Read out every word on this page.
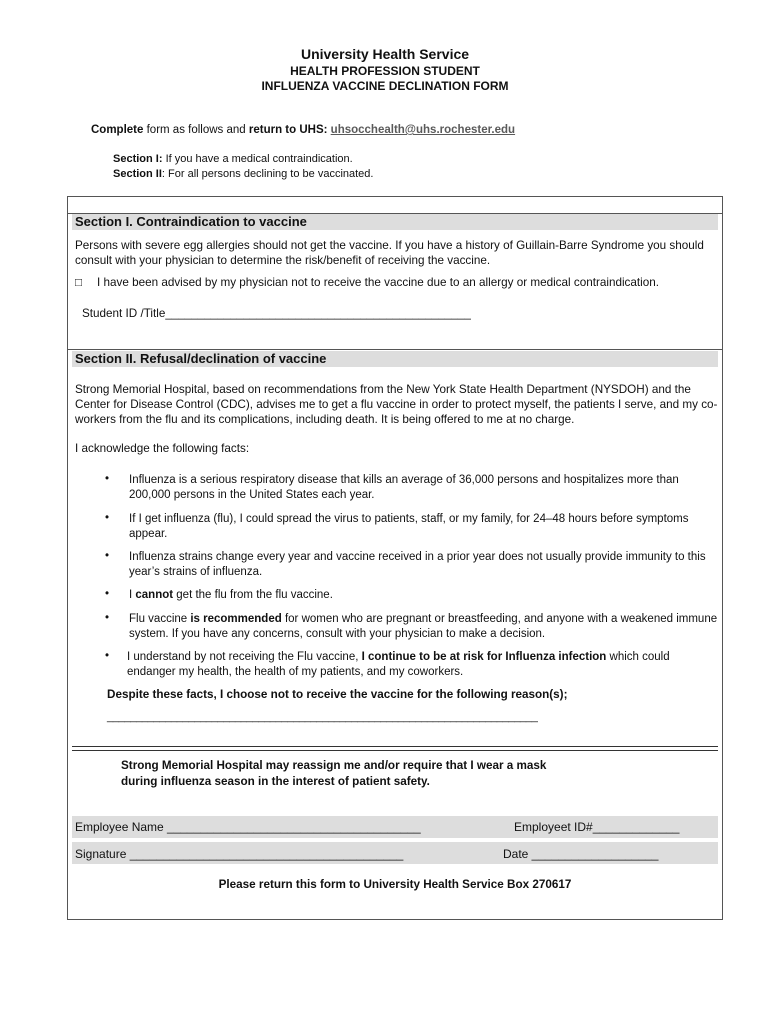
University Health Service
HEALTH PROFESSION STUDENT
INFLUENZA VACCINE DECLINATION FORM
Complete form as follows and return to UHS: uhsocchealth@uhs.rochester.edu
Section I: If you have a medical contraindication.
Section II: For all persons declining to be vaccinated.
Section I. Contraindication to vaccine
Persons with severe egg allergies should not get the vaccine. If you have a history of Guillain-Barre Syndrome you should consult with your physician to determine the risk/benefit of receiving the vaccine.
□ I have been advised by my physician not to receive the vaccine due to an allergy or medical contraindication.
Student ID /Title_______________________________________________
Section II. Refusal/declination of vaccine
Strong Memorial Hospital, based on recommendations from the New York State Health Department (NYSDOH) and the Center for Disease Control (CDC), advises me to get a flu vaccine in order to protect myself, the patients I serve, and my co-workers from the flu and its complications, including death. It is being offered to me at no charge.
I acknowledge the following facts:
• Influenza is a serious respiratory disease that kills an average of 36,000 persons and hospitalizes more than 200,000 persons in the United States each year.
• If I get influenza (flu), I could spread the virus to patients, staff, or my family, for 24–48 hours before symptoms appear.
• Influenza strains change every year and vaccine received in a prior year does not usually provide immunity to this year’s strains of influenza.
• I cannot get the flu from the flu vaccine.
• Flu vaccine is recommended for women who are pregnant or breastfeeding, and anyone with a weakened immune system. If you have any concerns, consult with your physician to make a decision.
• I understand by not receiving the Flu vaccine, I continue to be at risk for Influenza infection which could endanger my health, the health of my patients, and my coworkers.
Despite these facts, I choose not to receive the vaccine for the following reason(s);
__________________________________________________________________________
Strong Memorial Hospital may reassign me and/or require that I wear a mask
during influenza season in the interest of patient safety.
Employee Name ______________________________________	Employeet ID#_____________
Signature _________________________________________	Date ___________________
Please return this form to University Health Service Box 270617
